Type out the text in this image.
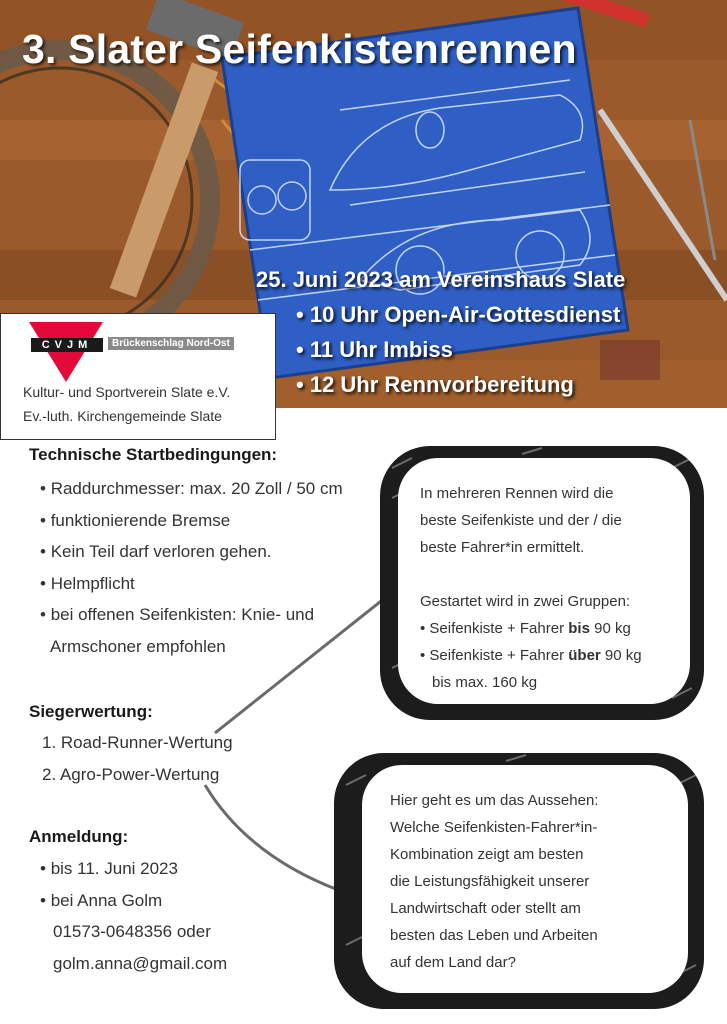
3. Slater Seifenkistenrennen
25. Juni 2023 am Vereinshaus Slate
• 10 Uhr Open-Air-Gottesdienst
• 11 Uhr Imbiss
• 12 Uhr Rennvorbereitung
CVJM	Brückenschlag Nord-Ost
Kultur- und Sportverein Slate e.V.
Ev.-luth. Kirchengemeinde Slate
Technische Startbedingungen:
• Raddurchmesser: max. 20 Zoll / 50 cm
• funktionierende Bremse
• Kein Teil darf verloren gehen.
• Helmpflicht
• bei offenen Seifenkisten: Knie- und
Armschoner empfohlen
Siegerwertung:
1. Road-Runner-Wertung
2. Agro-Power-Wertung
Anmeldung:
• bis 11. Juni 2023
• bei Anna Golm
01573-0648356 oder
golm.anna@gmail.com

In mehreren Rennen wird die

beste Seifenkiste und der / die

beste Fahrer*in ermittelt.

Gestartet wird in zwei Gruppen:

• Seifenkiste + Fahrer bis 90 kg
• Seifenkiste + Fahrer über 90 kg
bis max. 160 kg

Hier geht es um das Aussehen:

Welche Seifenkisten-Fahrer*in-

Kombination zeigt am besten

die Leistungsfähigkeit unserer

Landwirtschaft oder stellt am

besten das Leben und Arbeiten

auf dem Land dar?
